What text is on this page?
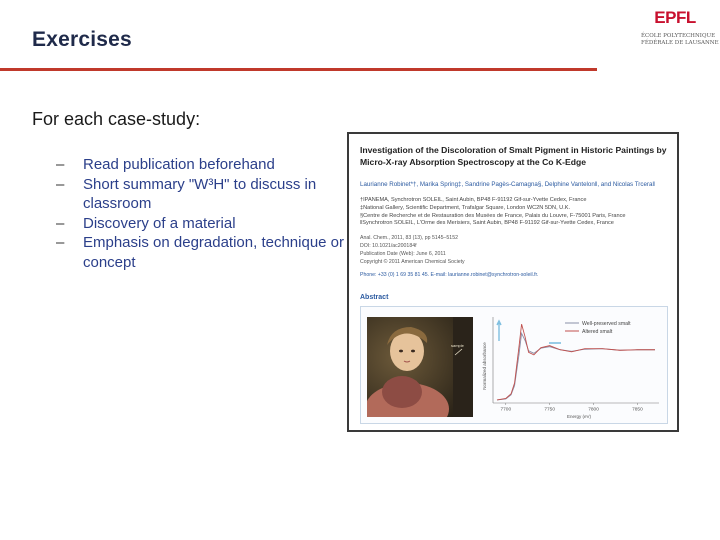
Exercises
EPFL
ÉCOLE POLYTECHNIQUE
FÉDÉRALE DE LAUSANNE
For each case-study:
– Read publication beforehand
– Short summary "W³H" to discuss in classroom
– Discovery of a material
– Emphasis on degradation, technique or concept
Investigation of the Discoloration of Smalt Pigment in Historic Paintings by Micro-X-ray Absorption Spectroscopy at the Co K-Edge
Laurianne Robinet*†, Marika Spring‡, Sandrine Pagès-Camagna§, Delphine Vantelon‖, and Nicolas Trcera‖
†IPANEMA, Synchrotron SOLEIL, Saint Aubin, BP48 F-91192 Gif-sur-Yvette Cedex, France
‡National Gallery, Scientific Department, Trafalgar Square, London WC2N 5DN, U.K.
§Centre de Recherche et de Restauration des Musées de France, Palais du Louvre, F-75001 Paris, France
‖Synchrotron SOLEIL, L'Orme des Merisiers, Saint Aubin, BP48 F-91192 Gif-sur-Yvette Cedex, France
Anal. Chem., 2011, 83 (13), pp 5145–5152
DOI: 10.1021/ac200184f
Publication Date (Web): June 6, 2011
Copyright © 2011 American Chemical Society
Phone: +33 (0) 1 69 35 81 45. E-mail: laurianne.robinet@synchrotron-soleil.fr.
Abstract
sample	Normalized absorbance
Energy (eV)
7700	7750	7800	7850
Well-preserved smalt
Altered smalt
